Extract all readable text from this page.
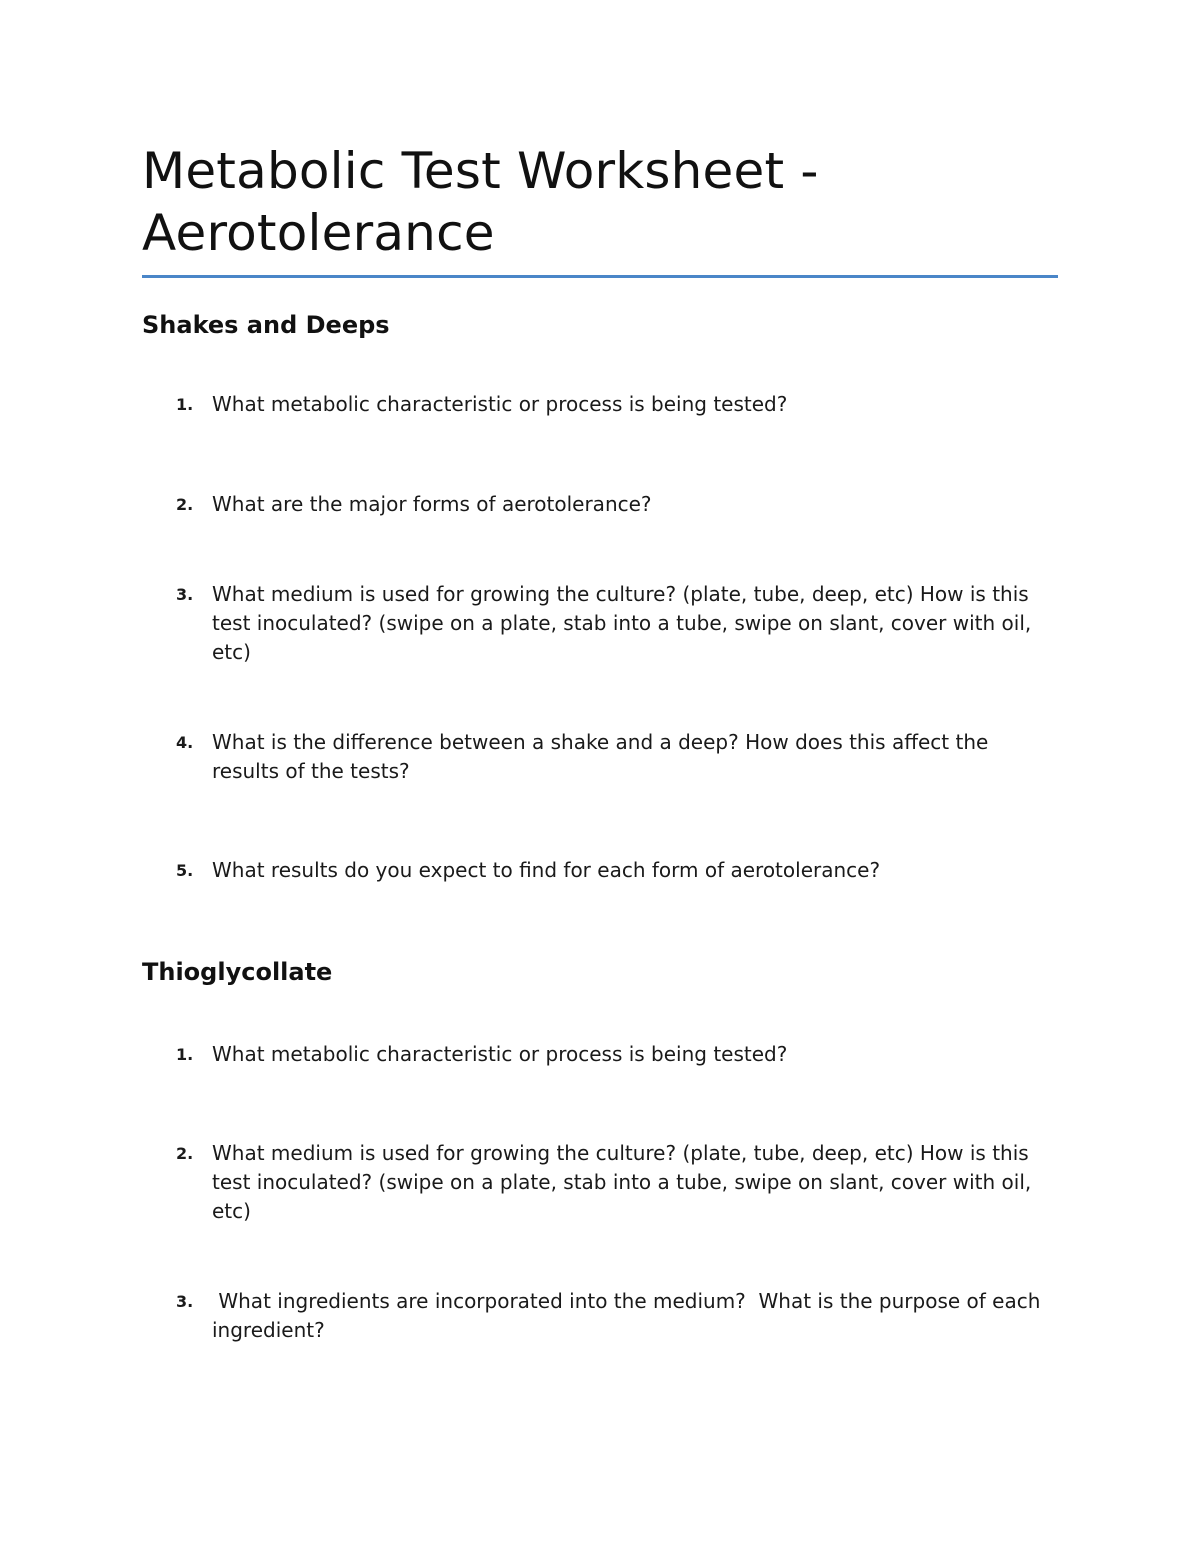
Metabolic Test Worksheet - Aerotolerance
Shakes and Deeps
1. What metabolic characteristic or process is being tested?
2. What are the major forms of aerotolerance?
3. What medium is used for growing the culture? (plate, tube, deep, etc) How is this test inoculated? (swipe on a plate, stab into a tube, swipe on slant, cover with oil, etc)
4. What is the difference between a shake and a deep? How does this affect the results of the tests?
5. What results do you expect to find for each form of aerotolerance?
Thioglycollate
1. What metabolic characteristic or process is being tested?
2. What medium is used for growing the culture? (plate, tube, deep, etc) How is this test inoculated? (swipe on a plate, stab into a tube, swipe on slant, cover with oil, etc)
3. What ingredients are incorporated into the medium?  What is the purpose of each ingredient?
